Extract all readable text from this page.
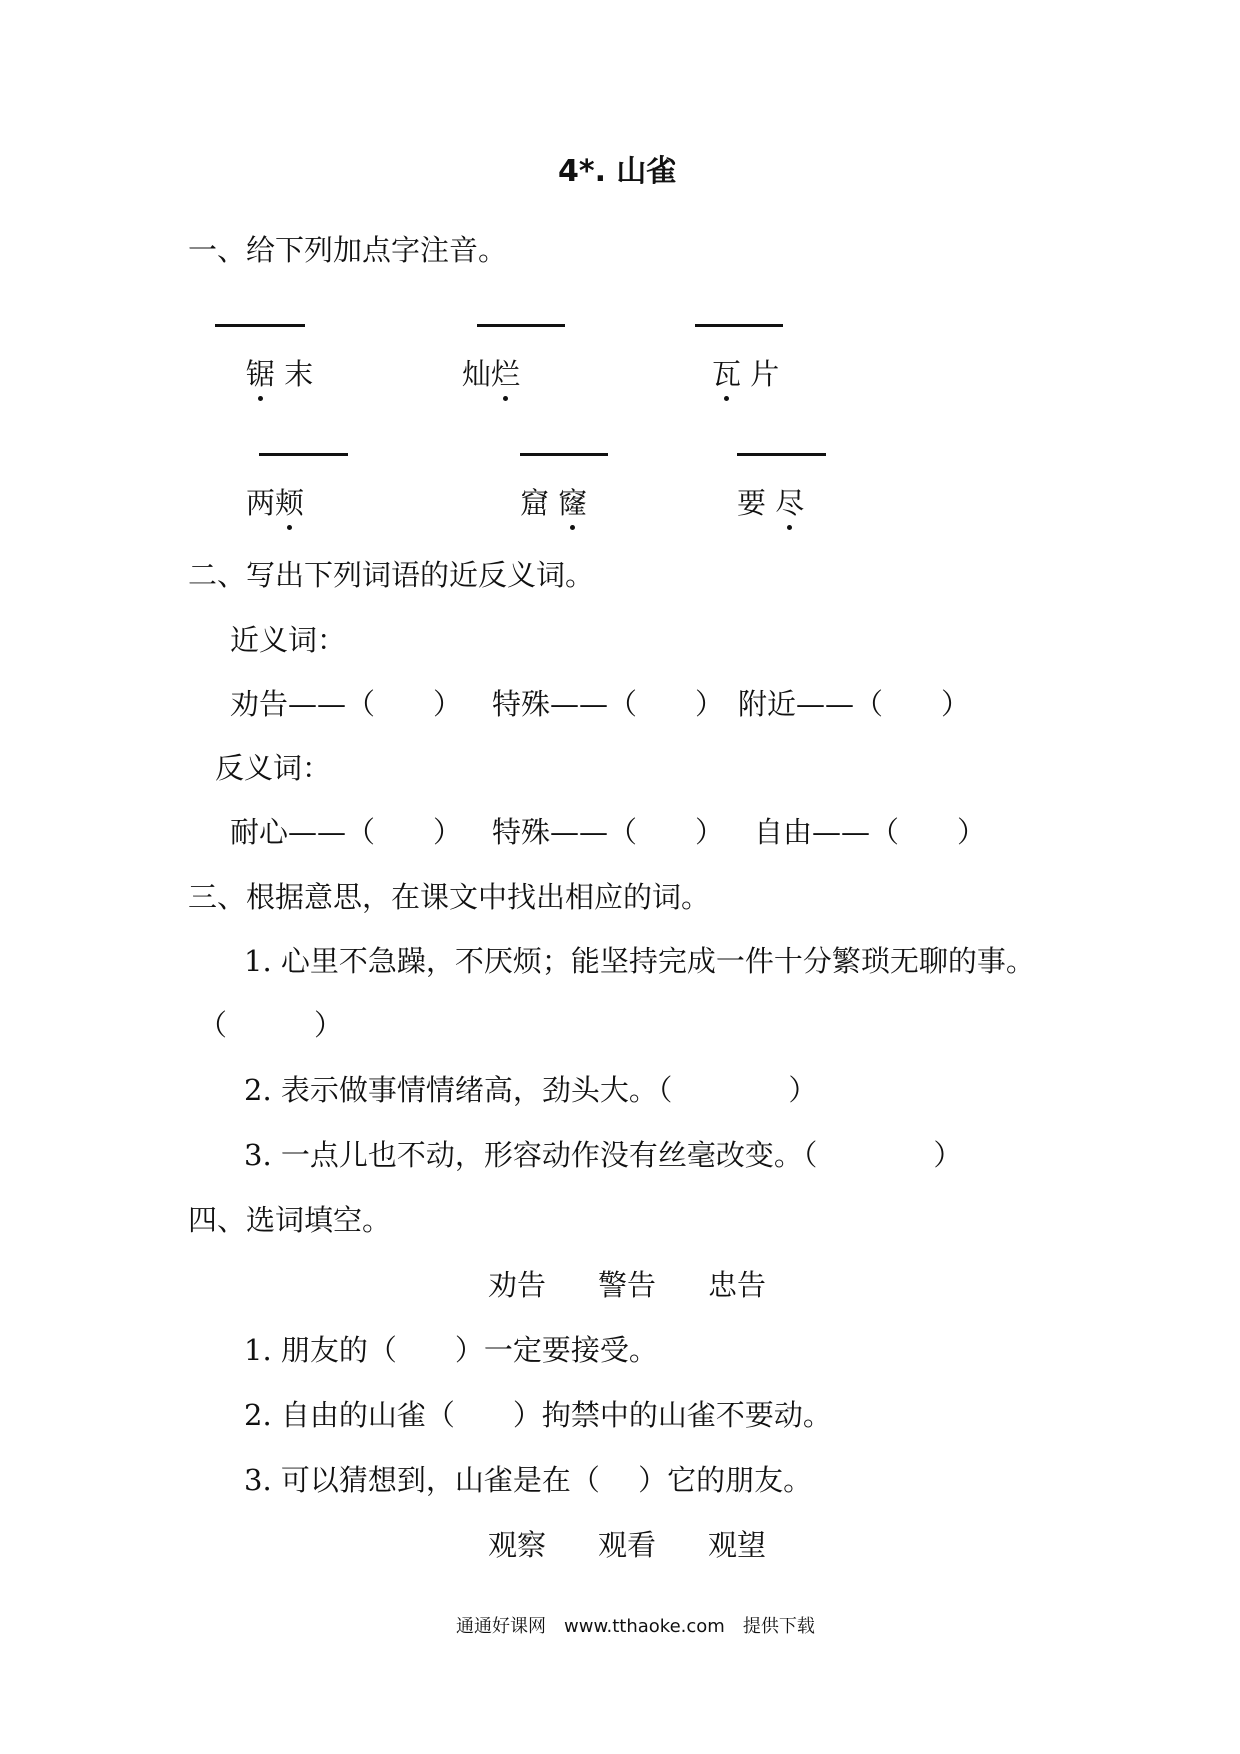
4*. 山雀
一、给下列加点字注音。
锯 末	灿烂	瓦 片
两颊	窟 窿	要 尽
二、写出下列词语的近反义词。
近义词：
劝告——（　　） 特殊——（　　） 附近——（　　）
反义词：
耐心——（　　） 特殊——（　　） 自由——（　　）
三、根据意思，在课文中找出相应的词。
1. 心里不急躁，不厌烦；能坚持完成一件十分繁琐无聊的事。
（　　　）
2. 表示做事情情绪高，劲头大。（　　　　）
3. 一点儿也不动，形容动作没有丝毫改变。（　　　　）
四、选词填空。
劝告 警告 忠告
1. 朋友的（　　）一定要接受。
2. 自由的山雀（　　）拘禁中的山雀不要动。
3. 可以猜想到，山雀是在（　 ）它的朋友。
观察 观看 观望
通通好课网　www.tthaoke.com　提供下载
